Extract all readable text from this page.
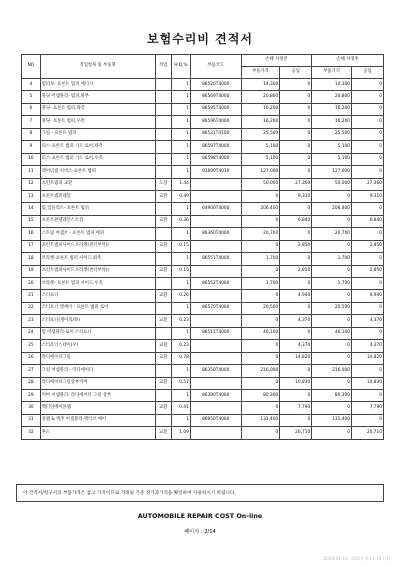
보험수리비 견적서
NO	작업항목 및 부품명	작업	H.Q,%	부품코드	손해 사정전		손해 사정후	
					부품가격	공임	부품가격	공임
4	범퍼보- 프론트 범퍼 에너지		1	86520T4000	14,300	0	14,300	0
5	몰딩 어셈블리- 범퍼,하부		1	86569T4000	20,800	0	20,800	0
6	몰딩- 프론트 범퍼,좌측		1	86595T4000	16,200	0	16,200	0
7	몰딩- 프론트 범퍼,우측		1	86596T4000	16,200	0	16,200	0
8	그릴 - 프론트 범퍼		1	86531T4100	25,500	0	25,500	0
9	피스-프론트 범퍼 가드 로어,좌측		1	86597T4000	5,100	0	5,100	0
10	피스-프론트 범퍼 가드 로어,우측		1	86598T4000	5,100	0	5,100	0
11	레이더빔 커넥스-프론트 범퍼		1	91890T4010	127,000	0	127,000	0
12	프런트범퍼 교환	도장	1.44		50,000	27,360	50,000	27,360
13	프론트범퍼레일	교환	0.49		0	9,310	0	9,310
14	빔 컴플리트- 프론트 범퍼		1	64900T4000	206,400	0	206,400	0
15	프론트판넬레인스트컴	교환	0.36		0	6,840	0	6,840
16	스트림 어셈브 - 프론트 범퍼 에퍼		1	86360T4000	20,700	0	20,700	0
17	프런트범퍼사이드브라켓(센터부착)(	교환	0.15		0	2,850	0	2,850
18	브라켓-프론트 범퍼 사이드,좌측		1	86551T4000	1,700	0	1,700	0
19	프런트범퍼사이드브라켓(센터부착)(	교환	0.15		0	2,850	0	2,850
20	브라켓- 프론트 범퍼 사이드,우측		1	86552T4000	1,700	0	1,700	0
21	스티프너	교환	0.26		0	4,940	0	4,940
22	스티프너 엣세이 - 프론트 범퍼 로어		1	86570T4000	20,500	0	20,500	0
23	스티프너(재이의/좌)	교환	0.23		0	4,370	0	4,370
24	빔 어셈블리-로어 스티프너		1	86511T4000	46,100	0	46,100	0
25	스티프너스테이(우)	교환	0.23		0	4,370	0	4,370
26	라디에이터그릴	교환	0.78		0	14,820	0	14,820
27	그릴 어셈블리 - 라디에이터		1	86350T4000	216,000	0	216,000	0
28	라디에이터그릴상부커버	교환	0.57		0	10,830	0	10,830
29	커버 어셈블리- 라디에이터 그릴 상부		1	86390T4000	80,300	0	80,300	0
30	백터연베이플랩	교환	0.41		0	7,790	0	7,790
31	플랩 & 액추 어셈블리-액티브 에어		1	86950T4000	131,400	0	131,400	0
32	후드	교환	1.09		0	20,710	0	20,710
이 견적서/청구서의 부품가격은 참고 가격이므로 거래일 기준 정가과가격을 확인하여 사용하시기 바랍니다.
AUTOMOBILE REPAIR COST On-line
페이지 : 2/14
2024-01-10, 제20등 9:15:10 (시)
